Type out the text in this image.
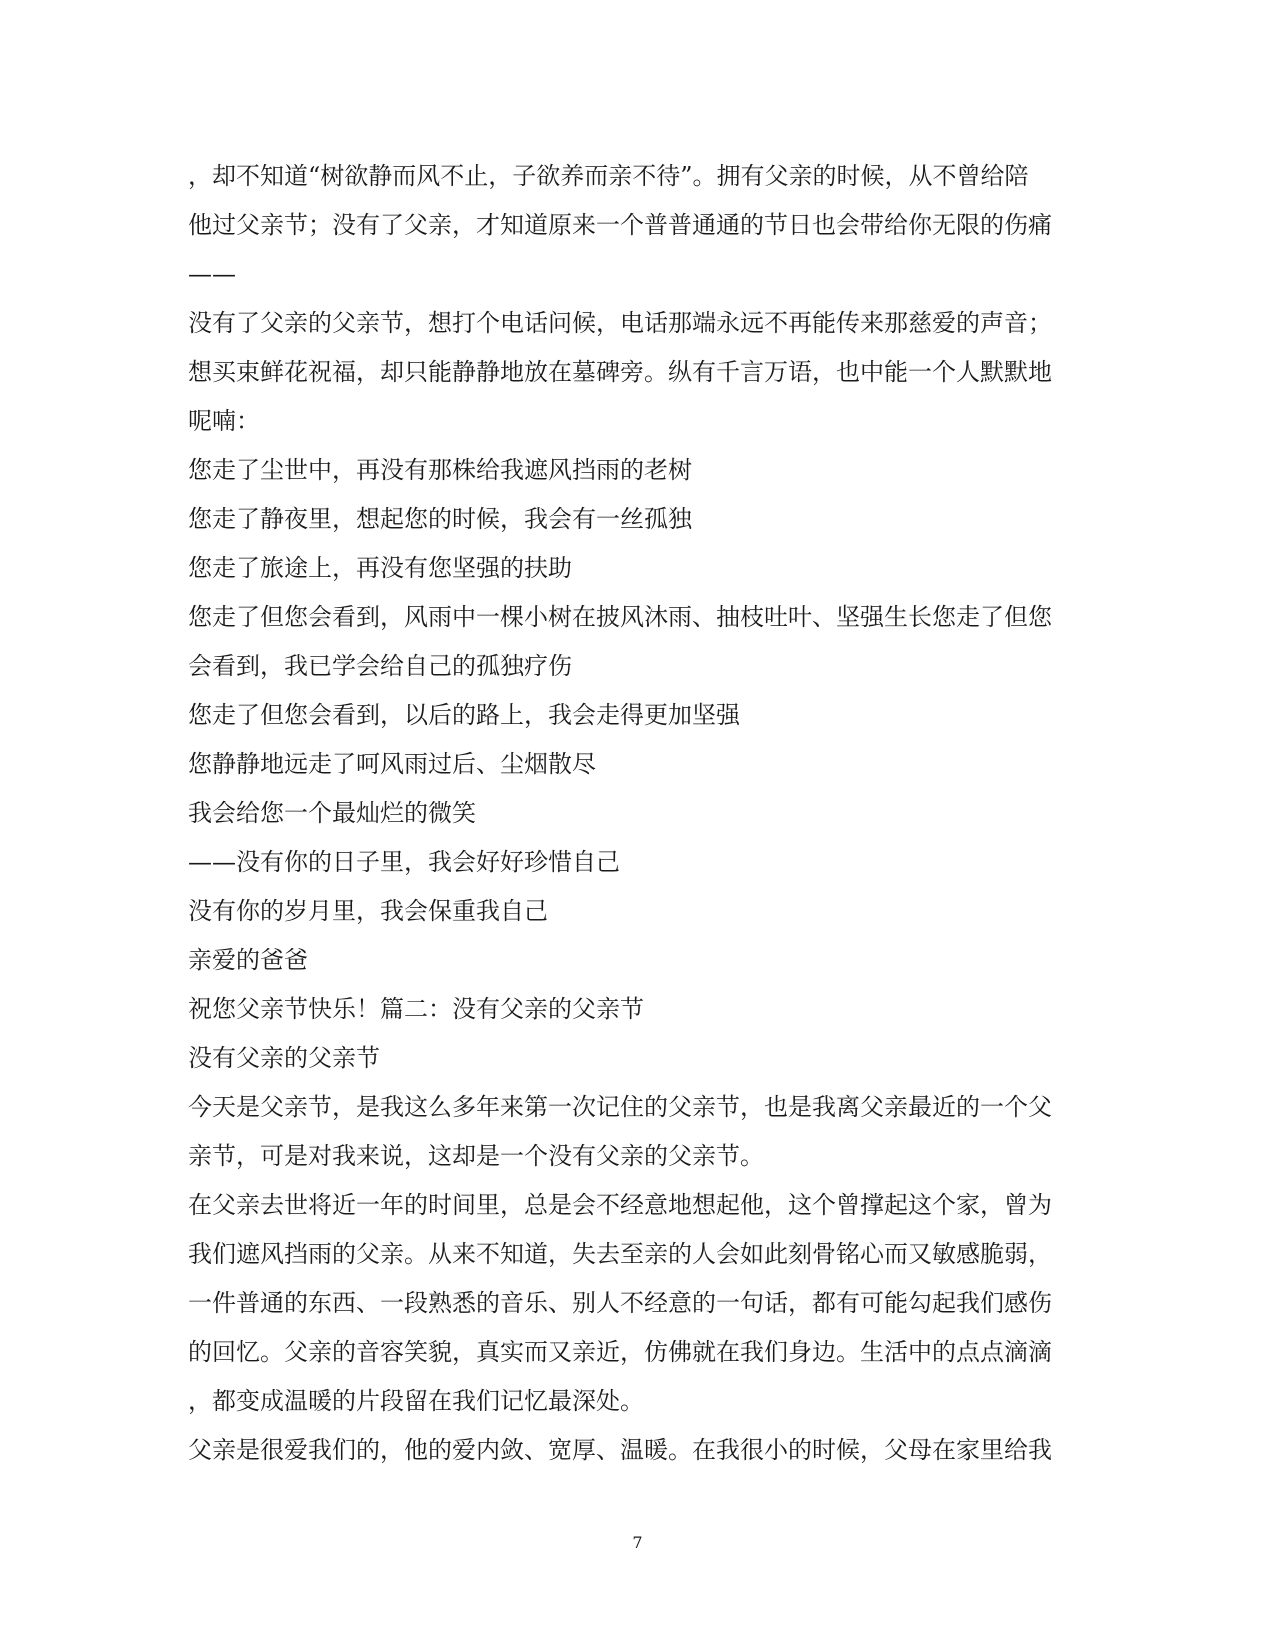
，却不知道“树欲静而风不止，子欲养而亲不待”。拥有父亲的时候，从不曾给陪
他过父亲节；没有了父亲，才知道原来一个普普通通的节日也会带给你无限的伤痛
——
没有了父亲的父亲节，想打个电话问候，电话那端永远不再能传来那慈爱的声音；
想买束鲜花祝福，却只能静静地放在墓碑旁。纵有千言万语，也中能一个人默默地
呢喃：
您走了尘世中，再没有那株给我遮风挡雨的老树
您走了静夜里，想起您的时候，我会有一丝孤独
您走了旅途上，再没有您坚强的扶助
您走了但您会看到，风雨中一棵小树在披风沐雨、抽枝吐叶、坚强生长您走了但您
会看到，我已学会给自己的孤独疗伤
您走了但您会看到，以后的路上，我会走得更加坚强
您静静地远走了呵风雨过后、尘烟散尽
我会给您一个最灿烂的微笑
——没有你的日子里，我会好好珍惜自己
没有你的岁月里，我会保重我自己
亲爱的爸爸
祝您父亲节快乐！篇二：没有父亲的父亲节
没有父亲的父亲节
今天是父亲节，是我这么多年来第一次记住的父亲节，也是我离父亲最近的一个父
亲节，可是对我来说，这却是一个没有父亲的父亲节。
在父亲去世将近一年的时间里，总是会不经意地想起他，这个曾撑起这个家，曾为
我们遮风挡雨的父亲。从来不知道，失去至亲的人会如此刻骨铭心而又敏感脆弱，
一件普通的东西、一段熟悉的音乐、别人不经意的一句话，都有可能勾起我们感伤
的回忆。父亲的音容笑貌，真实而又亲近，仿佛就在我们身边。生活中的点点滴滴
，都变成温暖的片段留在我们记忆最深处。
父亲是很爱我们的，他的爱内敛、宽厚、温暖。在我很小的时候，父母在家里给我
7
